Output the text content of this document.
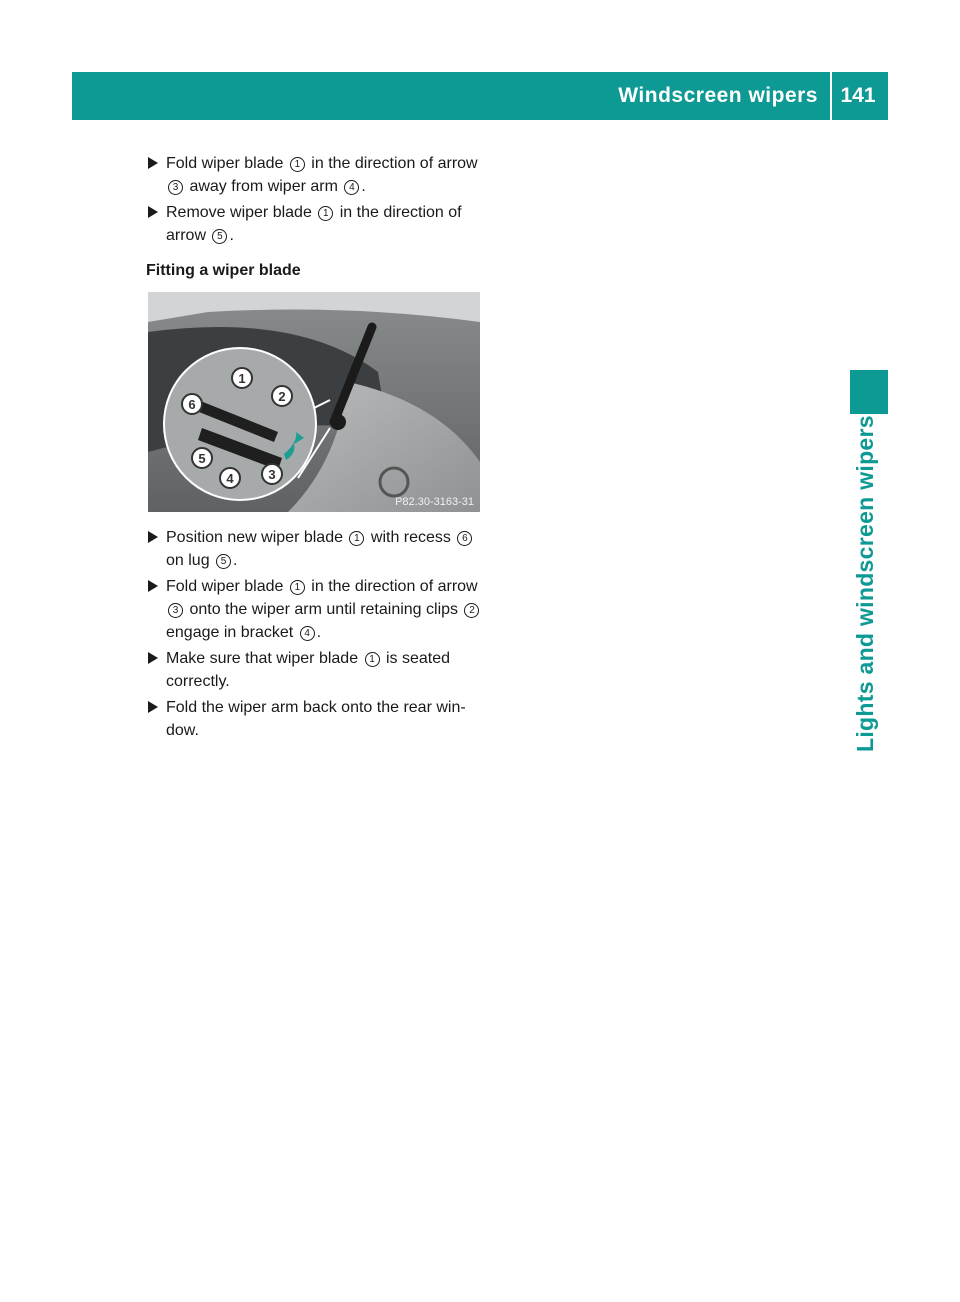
Windscreen wipers 141
Lights and windscreen wipers
Fold wiper blade 1 in the direction of arrow 3 away from wiper arm 4 .
Remove wiper blade 1 in the direction of arrow 5 .
Fitting a wiper blade
1
2
3
4
5
6
P82.30-3163-31
Position new wiper blade 1 with recess 6 on lug 5 .
Fold wiper blade 1 in the direction of arrow 3 onto the wiper arm until retaining clips 2 engage in bracket 4 .
Make sure that wiper blade 1 is seated correctly.
Fold the wiper arm back onto the rear win-dow.
